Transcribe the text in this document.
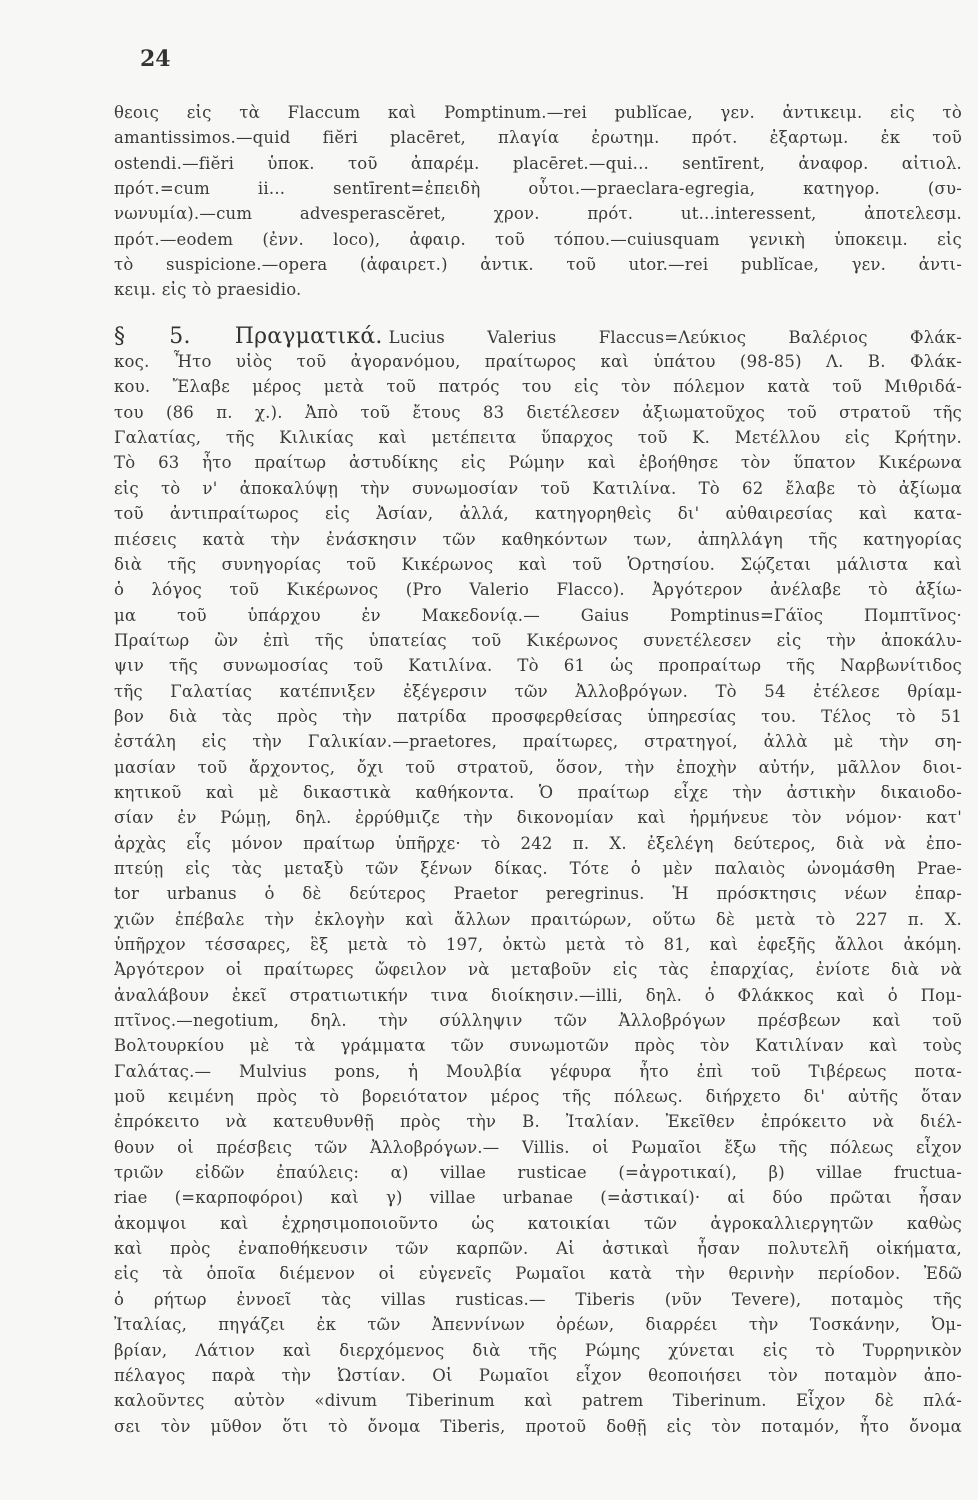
24
θεοις εἰς τὰ Flaccum καὶ Pomptinum.—rei publĭcae, γεν. ἀντικειμ. εἰς τὸ
amantissimos.—quid fiĕri placēret, πλαγία ἐρωτημ. πρότ. ἐξαρτωμ. ἐκ τοῦ
ostendi.—fiĕri ὑποκ. τοῦ ἀπαρέμ. placēret.—qui... sentīrent, ἀναφορ. αἰτιολ.
πρότ.=cum ii... sentīrent=ἐπειδὴ οὗτοι.—praeclara-egregia, κατηγορ. (συ-
νωνυμία).—cum advesperascĕret, χρον. πρότ. ut...interessent, ἀποτελεσμ.
πρότ.—eodem (ἐνν. loco), ἀφαιρ. τοῦ τόπου.—cuiusquam γενικὴ ὑποκειμ. εἰς
τὸ suspicione.—opera (ἀφαιρετ.) ἀντικ. τοῦ utor.—rei publĭcae, γεν. ἀντι-
κειμ. εἰς τὸ praesidio.
§ 5. Πραγματικά. Lucius Valerius Flaccus=Λεύκιος Βαλέριος Φλάκ-
κος. Ἦτο υἱὸς τοῦ ἀγορανόμου, πραίτωρος καὶ ὑπάτου (98-85) Λ. Β. Φλάκ-
κου. Ἔλαβε μέρος μετὰ τοῦ πατρός του εἰς τὸν πόλεμον κατὰ τοῦ Μιθριδά-
του (86 π. χ.). Ἀπὸ τοῦ ἔτους 83 διετέλεσεν ἀξιωματοῦχος τοῦ στρατοῦ τῆς
Γαλατίας, τῆς Κιλικίας καὶ μετέπειτα ὕπαρχος τοῦ Κ. Μετέλλου εἰς Κρήτην.
Τὸ 63 ἦτο πραίτωρ ἀστυδίκης εἰς Ρώμην καὶ ἐβοήθησε τὸν ὕπατον Κικέρωνα
εἰς τὸ ν' ἀποκαλύψῃ τὴν συνωμοσίαν τοῦ Κατιλίνα. Τὸ 62 ἔλαβε τὸ ἀξίωμα
τοῦ ἀντιπραίτωρος εἰς Ἀσίαν, ἀλλά, κατηγορηθεὶς δι' αὐθαιρεσίας καὶ κατα-
πιέσεις κατὰ τὴν ἐνάσκησιν τῶν καθηκόντων των, ἀπηλλάγη τῆς κατηγορίας
διὰ τῆς συνηγορίας τοῦ Κικέρωνος καὶ τοῦ Ὁρτησίου. Σῴζεται μάλιστα καὶ
ὁ λόγος τοῦ Κικέρωνος (Pro Valerio Flacco). Ἀργότερον ἀνέλαβε τὸ ἀξίω-
μα τοῦ ὑπάρχου ἐν Μακεδονίᾳ.— Gaius Pomptinus=Γάϊος Πομπτῖνος·
Πραίτωρ ὢν ἐπὶ τῆς ὑπατείας τοῦ Κικέρωνος συνετέλεσεν εἰς τὴν ἀποκάλυ-
ψιν τῆς συνωμοσίας τοῦ Κατιλίνα. Τὸ 61 ὡς προπραίτωρ τῆς Ναρβωνίτιδος
τῆς Γαλατίας κατέπνιξεν ἐξέγερσιν τῶν Ἀλλοβρόγων. Τὸ 54 ἐτέλεσε θρίαμ-
βον διὰ τὰς πρὸς τὴν πατρίδα προσφερθείσας ὑπηρεσίας του. Τέλος τὸ 51
ἐστάλη εἰς τὴν Γαλικίαν.—praetores, πραίτωρες, στρατηγοί, ἀλλὰ μὲ τὴν ση-
μασίαν τοῦ ἄρχοντος, ὄχι τοῦ στρατοῦ, ὅσον, τὴν ἐποχὴν αὐτήν, μᾶλλον διοι-
κητικοῦ καὶ μὲ δικαστικὰ καθήκοντα. Ὁ πραίτωρ εἶχε τὴν ἀστικὴν δικαιοδο-
σίαν ἐν Ρώμῃ, δηλ. ἐρρύθμιζε τὴν δικονομίαν καὶ ἡρμήνευε τὸν νόμον· κατ'
ἀρχὰς εἷς μόνον πραίτωρ ὑπῆρχε· τὸ 242 π. Χ. ἐξελέγη δεύτερος, διὰ νὰ ἐπο-
πτεύῃ εἰς τὰς μεταξὺ τῶν ξένων δίκας. Τότε ὁ μὲν παλαιὸς ὠνομάσθη Prae-
tor urbanus ὁ δὲ δεύτερος Praetor peregrinus. Ἡ πρόσκτησις νέων ἐπαρ-
χιῶν ἐπέβαλε τὴν ἐκλογὴν καὶ ἄλλων πραιτώρων, οὕτω δὲ μετὰ τὸ 227 π. Χ.
ὑπῆρχον τέσσαρες, ἓξ μετὰ τὸ 197, ὀκτὼ μετὰ τὸ 81, καὶ ἐφεξῆς ἄλλοι ἀκόμη.
Ἀργότερον οἱ πραίτωρες ὤφειλον νὰ μεταβοῦν εἰς τὰς ἐπαρχίας, ἐνίοτε διὰ νὰ
ἀναλάβουν ἐκεῖ στρατιωτικήν τινα διοίκησιν.—illi, δηλ. ὁ Φλάκκος καὶ ὁ Πομ-
πτῖνος.—negotium, δηλ. τὴν σύλληψιν τῶν Ἀλλοβρόγων πρέσβεων καὶ τοῦ
Βολτουρκίου μὲ τὰ γράμματα τῶν συνωμοτῶν πρὸς τὸν Κατιλίναν καὶ τοὺς
Γαλάτας.— Mulvius pons, ἡ Μουλβία γέφυρα ἦτο ἐπὶ τοῦ Τιβέρεως ποτα-
μοῦ κειμένη πρὸς τὸ βορειότατον μέρος τῆς πόλεως. διήρχετο δι' αὐτῆς ὅταν
ἐπρόκειτο νὰ κατευθυνθῇ πρὸς τὴν Β. Ἰταλίαν. Ἐκεῖθεν ἐπρόκειτο νὰ διέλ-
θουν οἱ πρέσβεις τῶν Ἀλλοβρόγων.— Villis. οἱ Ρωμαῖοι ἔξω τῆς πόλεως εἶχον
τριῶν εἰδῶν ἐπαύλεις: α) villae rusticae (=ἀγροτικαί), β) villae fructua-
riae (=καρποφόροι) καὶ γ) villae urbanae (=ἀστικαί)· αἱ δύο πρῶται ἦσαν
ἀκομψοι καὶ ἐχρησιμοποιοῦντο ὡς κατοικίαι τῶν ἀγροκαλλιεργητῶν καθὼς
καὶ πρὸς ἐναποθήκευσιν τῶν καρπῶν. Αἱ ἀστικαὶ ἦσαν πολυτελῆ οἰκήματα,
εἰς τὰ ὁποῖα διέμενον οἱ εὐγενεῖς Ρωμαῖοι κατὰ τὴν θερινὴν περίοδον. Ἐδῶ
ὁ ρήτωρ ἐννοεῖ τὰς villas rusticas.— Tiberis (νῦν Tevere), ποταμὸς τῆς
Ἰταλίας, πηγάζει ἐκ τῶν Ἀπεννίνων ὀρέων, διαρρέει τὴν Τοσκάνην, Ὀμ-
βρίαν, Λάτιον καὶ διερχόμενος διὰ τῆς Ρώμης χύνεται εἰς τὸ Τυρρηνικὸν
πέλαγος παρὰ τὴν Ὠστίαν. Οἱ Ρωμαῖοι εἶχον θεοποιήσει τὸν ποταμὸν ἀπο-
καλοῦντες αὐτὸν «divum Tiberinum καὶ patrem Tiberinum. Εἶχον δὲ πλά-
σει τὸν μῦθον ὅτι τὸ ὄνομα Tiberis, πρoτοῦ δοθῇ εἰς τὸν ποταμόν, ἦτο ὄνομα
